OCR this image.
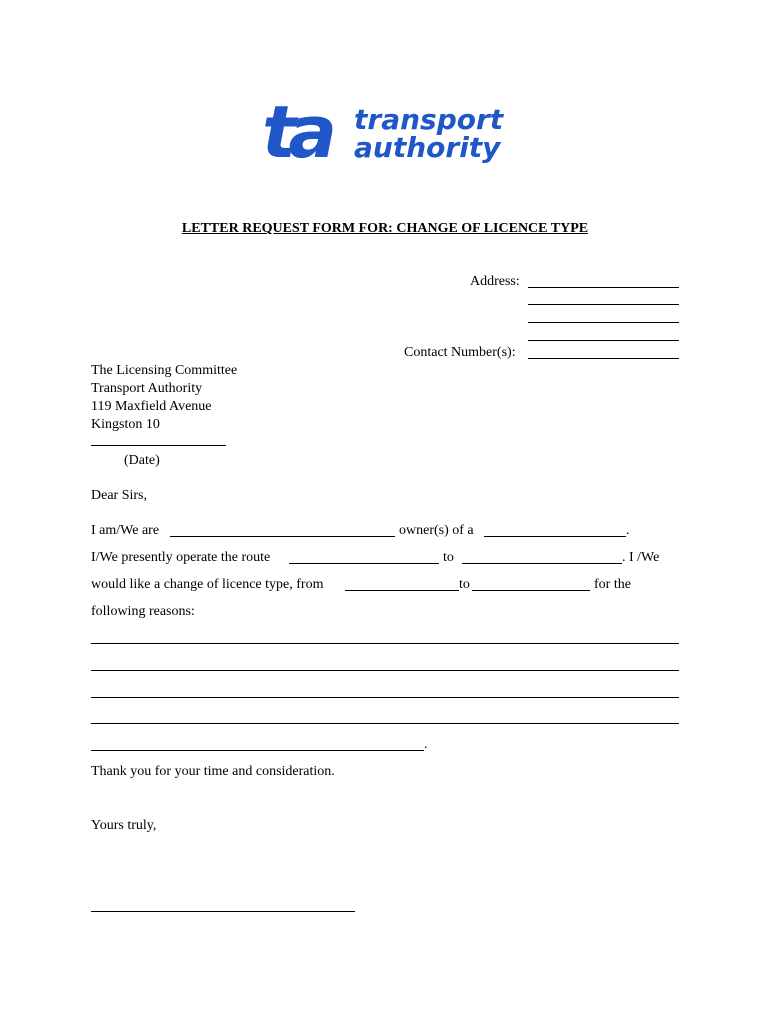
ta transport
authority
LETTER REQUEST FORM FOR: CHANGE OF LICENCE TYPE
Address:
Contact Number(s):
The Licensing Committee
Transport Authority
119 Maxfield Avenue
Kingston 10
(Date)
Dear Sirs,
I am/We are	owner(s) of a	.
I/We presently operate the route	to	. I /We
would like a change of licence type, from	to	for the
following reasons:
.
Thank you for your time and consideration.
Yours truly,
